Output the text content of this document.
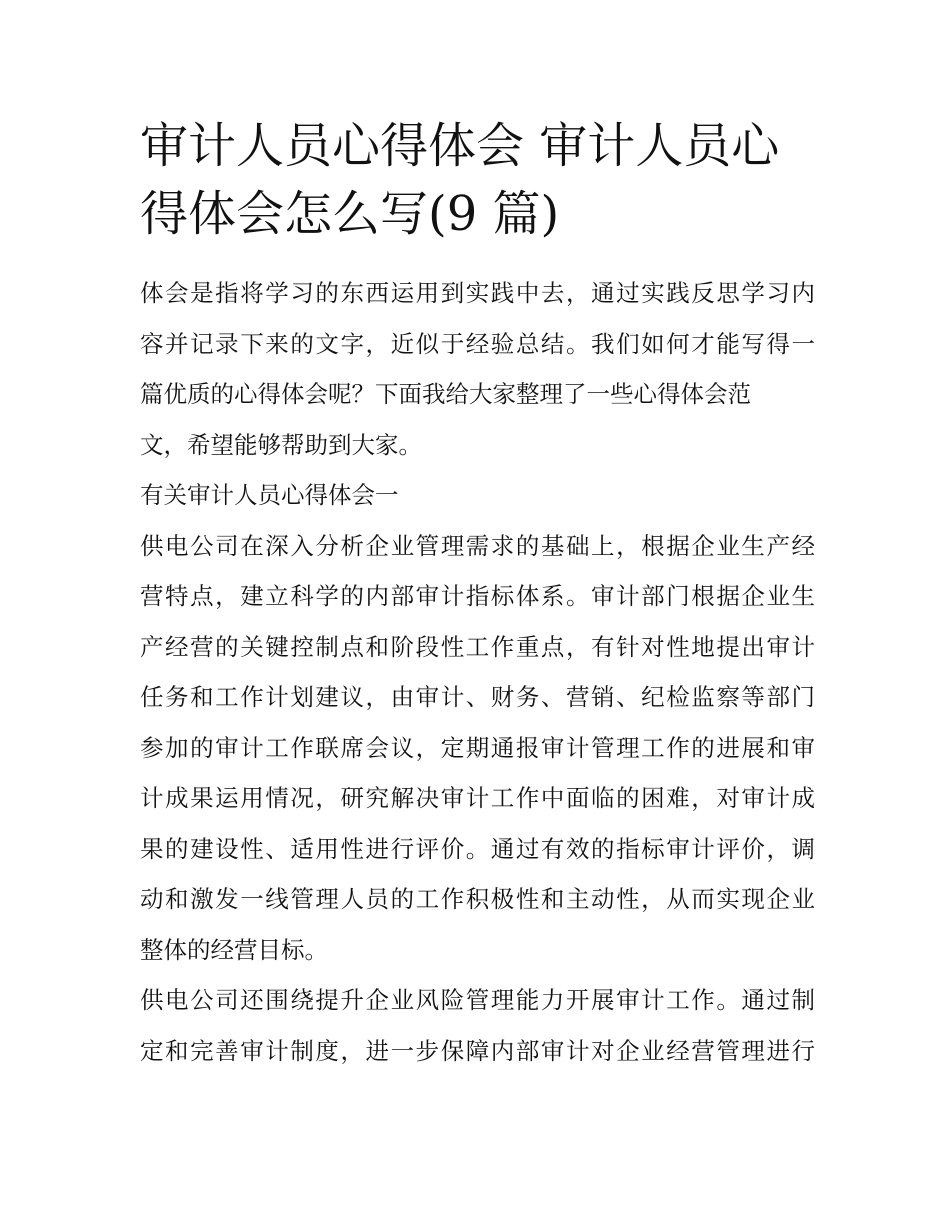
审计人员心得体会 审计人员心
得体会怎么写(9 篇)

体会是指将学习的东西运用到实践中去，通过实践反思学习内
容并记录下来的文字，近似于经验总结。我们如何才能写得一
篇优质的心得体会呢？下面我给大家整理了一些心得体会范
文，希望能够帮助到大家。

有关审计人员心得体会一

供电公司在深入分析企业管理需求的基础上，根据企业生产经
营特点，建立科学的内部审计指标体系。审计部门根据企业生
产经营的关键控制点和阶段性工作重点，有针对性地提出审计
任务和工作计划建议，由审计、财务、营销、纪检监察等部门
参加的审计工作联席会议，定期通报审计管理工作的进展和审
计成果运用情况，研究解决审计工作中面临的困难，对审计成
果的建设性、适用性进行评价。通过有效的指标审计评价，调
动和激发一线管理人员的工作积极性和主动性，从而实现企业
整体的经营目标。

供电公司还围绕提升企业风险管理能力开展审计工作。通过制
定和完善审计制度，进一步保障内部审计对企业经营管理进行
